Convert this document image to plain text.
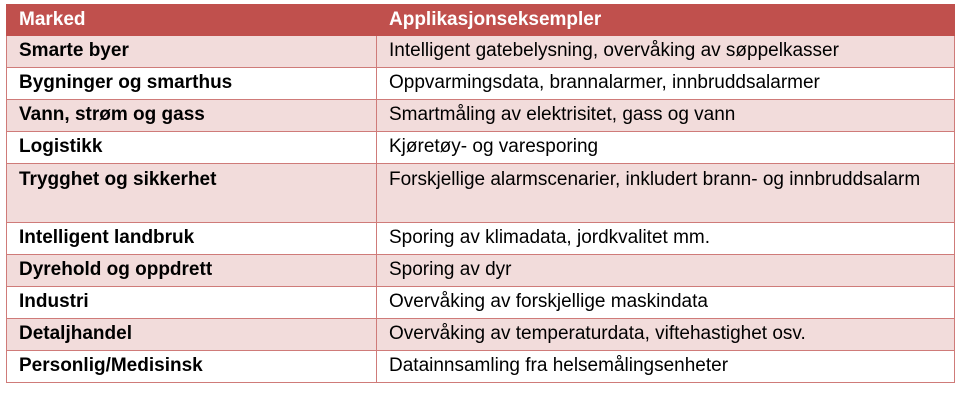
Marked	Applikasjonseksempler
Smarte byer	Intelligent gatebelysning, overvåking av søppelkasser
Bygninger og smarthus	Oppvarmingsdata, brannalarmer, innbruddsalarmer
Vann, strøm og gass	Smartmåling av elektrisitet, gass og vann
Logistikk	Kjøretøy- og varesporing
Trygghet og sikkerhet	Forskjellige alarmscenarier, inkludert brann- og innbruddsalarm
Intelligent landbruk	Sporing av klimadata, jordkvalitet mm.
Dyrehold og oppdrett	Sporing av dyr
Industri	Overvåking av forskjellige maskindata
Detaljhandel	Overvåking av temperaturdata, viftehastighet osv.
Personlig/Medisinsk	Datainnsamling fra helsemålingsenheter
